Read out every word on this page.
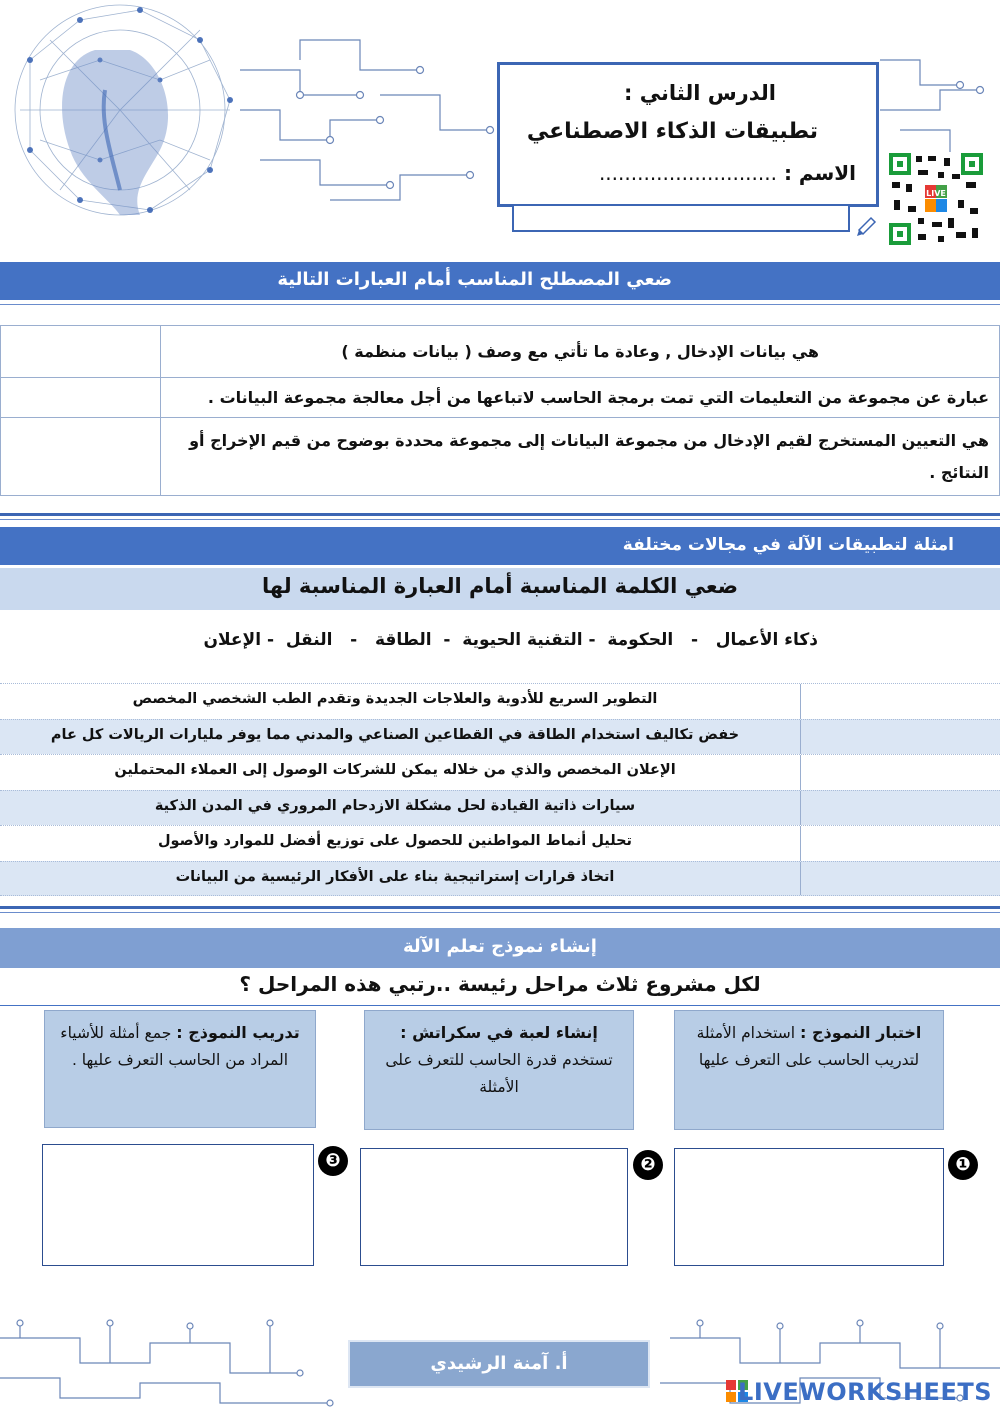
الدرس الثاني :
تطبيقات الذكاء الاصطناعي
الاسم : ............................
LIVE
ضعي المصطلح المناسب أمام العبارات التالية
هي بيانات الإدخال , وعادة ما تأتي مع وصف ( بيانات منظمة )	
عبارة عن مجموعة من التعليمات التي تمت برمجة الحاسب لاتباعها من أجل معالجة مجموعة البيانات .	
هي التعيين المستخرج لقيم الإدخال من مجموعة البيانات إلى مجموعة محددة بوضوح من قيم الإخراج أو النتائج .	
امثلة لتطبيقات الآلة في مجالات مختلفة
ضعي الكلمة المناسبة أمام العبارة المناسبة لها
ذكاء الأعمال   -   الحكومة  - التقنية الحيوية  -  الطاقة   -   النقل  - الإعلان
التطوير السريع للأدوية والعلاجات الجديدة وتقدم الطب الشخصي المخصص
خفض تكاليف استخدام الطاقة في القطاعين الصناعي والمدني مما يوفر مليارات الريالات كل عام
الإعلان المخصص والذي من خلاله يمكن للشركات الوصول إلى العملاء المحتملين
سيارات ذاتية القيادة لحل مشكلة الازدحام المروري في المدن الذكية
تحليل أنماط المواطنين للحصول على توزيع أفضل للموارد والأصول
اتخاذ قرارات إستراتيجية بناء على الأفكار الرئيسية من البيانات
إنشاء نموذج تعلم الآلة
لكل مشروع ثلاث مراحل رئيسة ..رتبي هذه المراحل ؟
اختبار النموذج : استخدام الأمثلة لتدريب الحاسب على التعرف عليها
إنشاء لعبة في سكراتش :
تستخدم قدرة الحاسب للتعرف على الأمثلة
تدريب النموذج : جمع أمثلة للأشياء المراد من الحاسب التعرف عليها .
❶
❷
❸
أ. آمنة الرشيدي
LIVEWORKSHEETS
